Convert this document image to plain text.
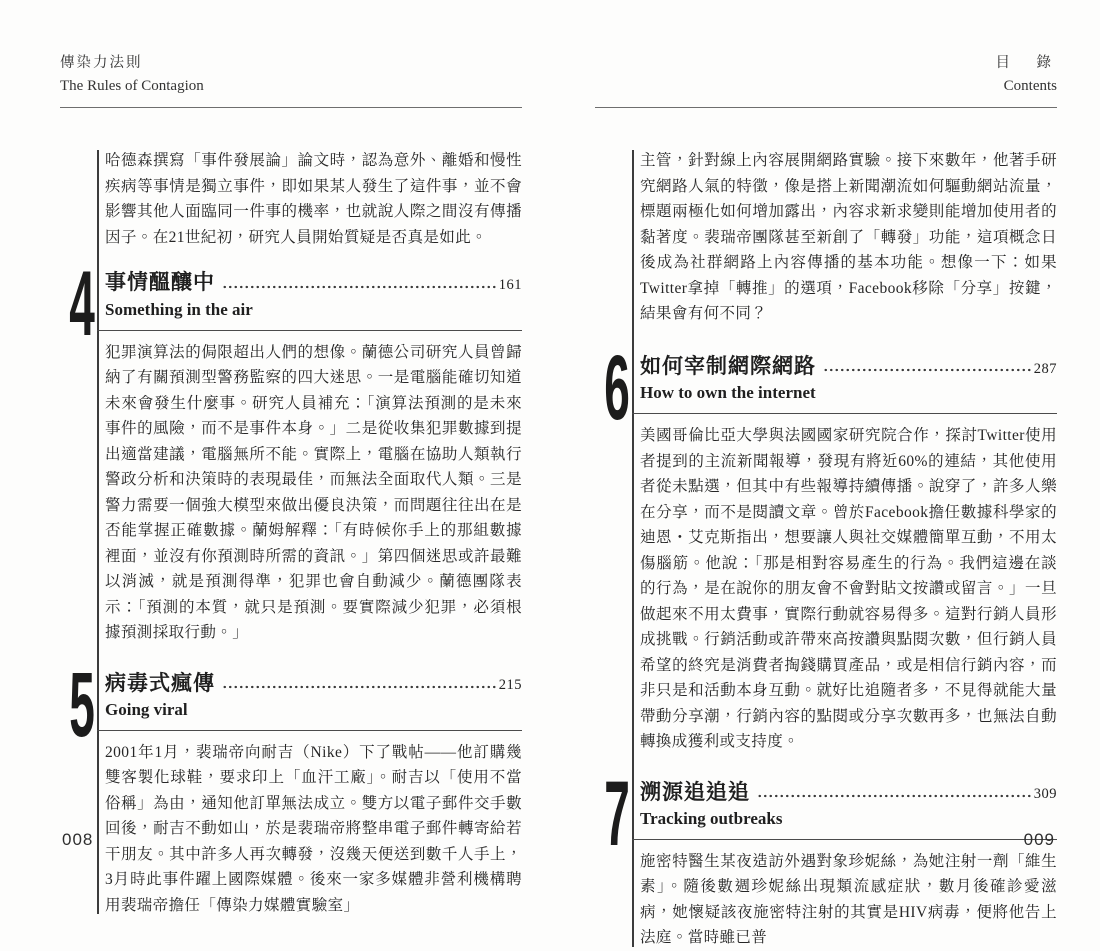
傳染力法則
The Rules of Contagion

哈德森撰寫「事件發展論」論文時，認為意外、離婚和慢性疾病等事情是獨立事件，即如果某人發生了這件事，並不會影響其他人面臨同一件事的機率，也就說人際之間沒有傳播因子。在21世紀初，研究人員開始質疑是否真是如此。

4 事情醞釀中	161
Something in the air

犯罪演算法的侷限超出人們的想像。蘭德公司研究人員曾歸納了有關預測型警務監察的四大迷思。一是電腦能確切知道未來會發生什麼事。研究人員補充：「演算法預測的是未來事件的風險，而不是事件本身。」二是從收集犯罪數據到提出適當建議，電腦無所不能。實際上，電腦在協助人類執行警政分析和決策時的表現最佳，而無法全面取代人類。三是警力需要一個強大模型來做出優良決策，而問題往往出在是否能掌握正確數據。蘭姆解釋：「有時候你手上的那組數據裡面，並沒有你預測時所需的資訊。」第四個迷思或許最難以消滅，就是預測得準，犯罪也會自動減少。蘭德團隊表示：「預測的本質，就只是預測。要實際減少犯罪，必須根據預測採取行動。」

5 病毒式瘋傳	215
Going viral

2001年1月，裴瑞帝向耐吉（Nike）下了戰帖——他訂購幾雙客製化球鞋，要求印上「血汗工廠」。耐吉以「使用不當俗稱」為由，通知他訂單無法成立。雙方以電子郵件交手數回後，耐吉不動如山，於是裴瑞帝將整串電子郵件轉寄給若干朋友。其中許多人再次轉發，沒幾天便送到數千人手上，3月時此事件躍上國際媒體。後來一家多媒體非營利機構聘用裴瑞帝擔任「傳染力媒體實驗室」

008
目　錄
Contents

主管，針對線上內容展開網路實驗。接下來數年，他著手研究網路人氣的特徵，像是搭上新聞潮流如何驅動網站流量，標題兩極化如何增加露出，內容求新求變則能增加使用者的黏著度。裴瑞帝團隊甚至新創了「轉發」功能，這項概念日後成為社群網路上內容傳播的基本功能。想像一下：如果Twitter拿掉「轉推」的選項，Facebook移除「分享」按鍵，結果會有何不同？

6 如何宰制網際網路	287
How to own the internet

美國哥倫比亞大學與法國國家研究院合作，探討Twitter使用者提到的主流新聞報導，發現有將近60%的連結，其他使用者從未點選，但其中有些報導持續傳播。說穿了，許多人樂在分享，而不是閱讀文章。曾於Facebook擔任數據科學家的迪恩・艾克斯指出，想要讓人與社交媒體簡單互動，不用太傷腦筋。他說：「那是相對容易產生的行為。我們這邊在談的行為，是在說你的朋友會不會對貼文按讚或留言。」一旦做起來不用太費事，實際行動就容易得多。這對行銷人員形成挑戰。行銷活動或許帶來高按讚與點閱次數，但行銷人員希望的終究是消費者掏錢購買產品，或是相信行銷內容，而非只是和活動本身互動。就好比追隨者多，不見得就能大量帶動分享潮，行銷內容的點閱或分享次數再多，也無法自動轉換成獲利或支持度。

7 溯源追追追	309
Tracking outbreaks

施密特醫生某夜造訪外遇對象珍妮絲，為她注射一劑「維生素」。隨後數週珍妮絲出現類流感症狀，數月後確診愛滋病，她懷疑該夜施密特注射的其實是HIV病毒，便將他告上法庭。當時雖已普

009
